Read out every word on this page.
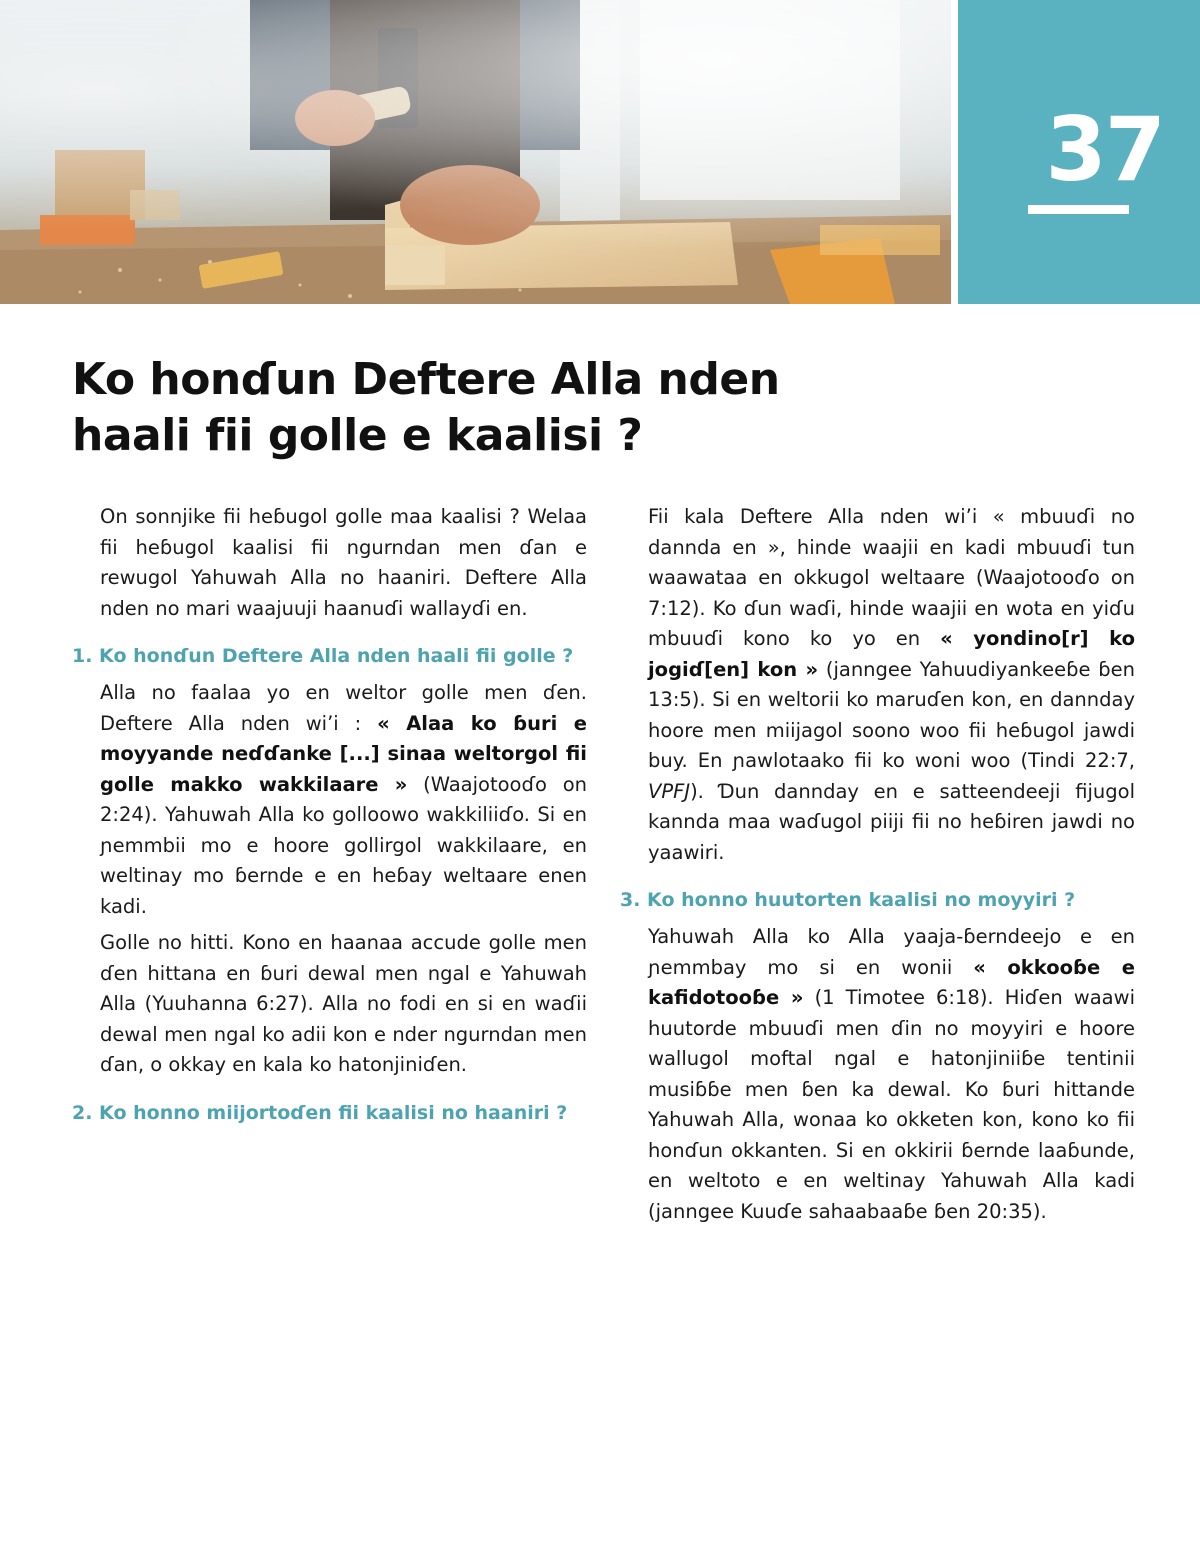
37
Ko honɗun Deftere Alla nden
haali fii golle e kaalisi ?

On sonnjike fii heɓugol golle maa kaalisi ? Welaa fii heɓugol kaalisi fii ngurndan men ɗan e rewugol Yahuwah Alla no haaniri. Deftere Alla nden no mari waajuuji haanuɗi wallayɗi en.

1. Ko honɗun Deftere Alla nden haali fii golle ?

Alla no faalaa yo en weltor golle men ɗen. Deftere Alla nden wi’i : « Alaa ko ɓuri e moyyande neɗɗanke [...] sinaa weltorgol fii golle makko wakkilaare » (Waajotooɗo on 2:24). Yahuwah Alla ko golloowo wakkiliiɗo. Si en ɲemmbii mo e hoore gollirgol wakkilaare, en weltinay mo ɓernde e en heɓay weltaare enen kadi.

Golle no hitti. Kono en haanaa accude golle men ɗen hittana en ɓuri dewal men ngal e Yahuwah Alla (Yuuhanna 6:27). Alla no fodi en si en waɗii dewal men ngal ko adii kon e nder ngurndan men ɗan, o okkay en kala ko hatonjiniɗen.

2. Ko honno miijortoɗen fii kaalisi no haaniri ?

Fii kala Deftere Alla nden wi’i « mbuuɗi no dannda en », hinde waajii en kadi mbuuɗi tun waawataa en okkugol weltaare (Waajotooɗo on 7:12). Ko ɗun waɗi, hinde waajii en wota en yiɗu mbuuɗi kono ko yo en « yondino[r] ko jogiɗ[en] kon » (janngee Yahuudiyankeeɓe ɓen 13:5). Si en weltorii ko maruɗen kon, en dannday hoore men miijagol soono woo fii heɓugol jawdi buy. En ɲawlotaako fii ko woni woo (Tindi 22:7, VPFJ). Ɗun dannday en e satteendeeji fijugol kannda maa waɗugol piiji fii no heɓiren jawdi no yaawiri.

3. Ko honno huutorten kaalisi no moyyiri ?

Yahuwah Alla ko Alla yaaja-ɓerndeejo e en ɲemmbay mo si en wonii « okkooɓe e kafidotooɓe » (1 Timotee 6:18). Hiɗen waawi huutorde mbuuɗi men ɗin no moyyiri e hoore wallugol moftal ngal e hatonjiniiɓe tentinii musiɓɓe men ɓen ka dewal. Ko ɓuri hittande Yahuwah Alla, wonaa ko okketen kon, kono ko fii honɗun okkanten. Si en okkirii ɓernde laaɓunde, en weltoto e en weltinay Yahuwah Alla kadi (janngee Kuuɗe sahaabaaɓe ɓen 20:35).
